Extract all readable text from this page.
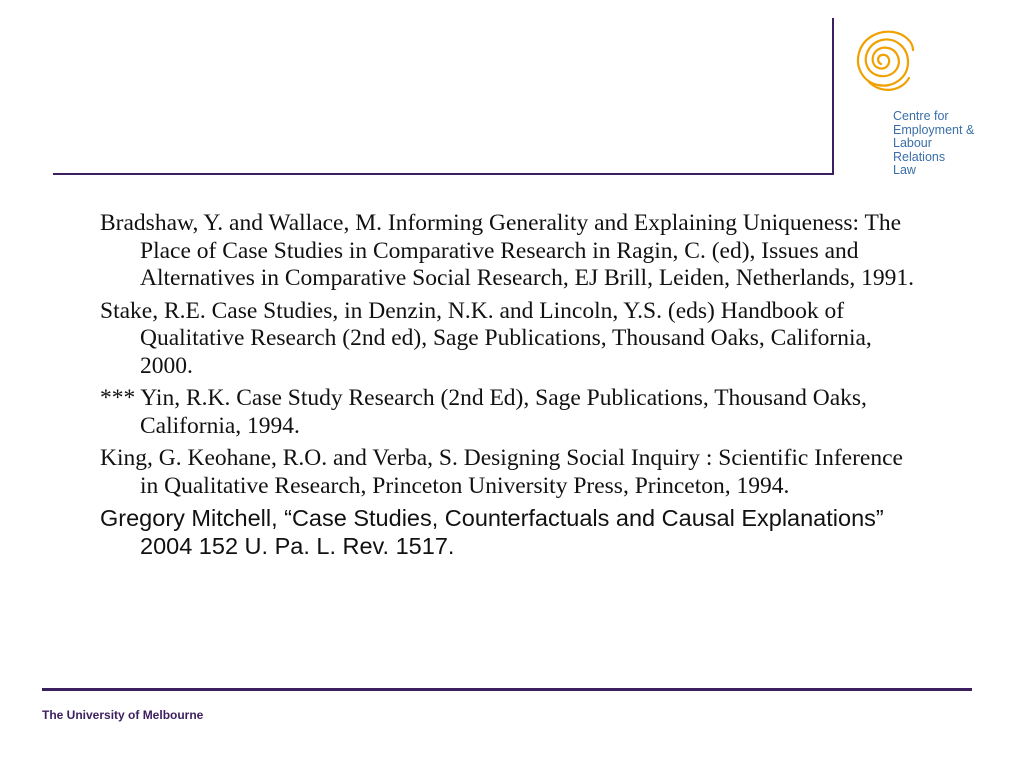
Centre for
Employment &
Labour
Relations
Law
Bradshaw, Y. and Wallace, M. Informing Generality and Explaining Uniqueness: The Place of Case Studies in Comparative Research in Ragin, C. (ed), Issues and Alternatives in Comparative Social Research, EJ Brill, Leiden, Netherlands, 1991.
Stake, R.E. Case Studies, in Denzin, N.K. and Lincoln, Y.S. (eds) Handbook of Qualitative Research (2nd ed), Sage Publications, Thousand Oaks, California, 2000.
*** Yin, R.K. Case Study Research (2nd Ed), Sage Publications, Thousand Oaks, California, 1994.
King, G. Keohane, R.O. and Verba, S. Designing Social Inquiry : Scientific Inference in Qualitative Research, Princeton University Press, Princeton, 1994.
Gregory Mitchell, “Case Studies, Counterfactuals and Causal Explanations” 2004 152 U. Pa. L. Rev. 1517.
The University of Melbourne
